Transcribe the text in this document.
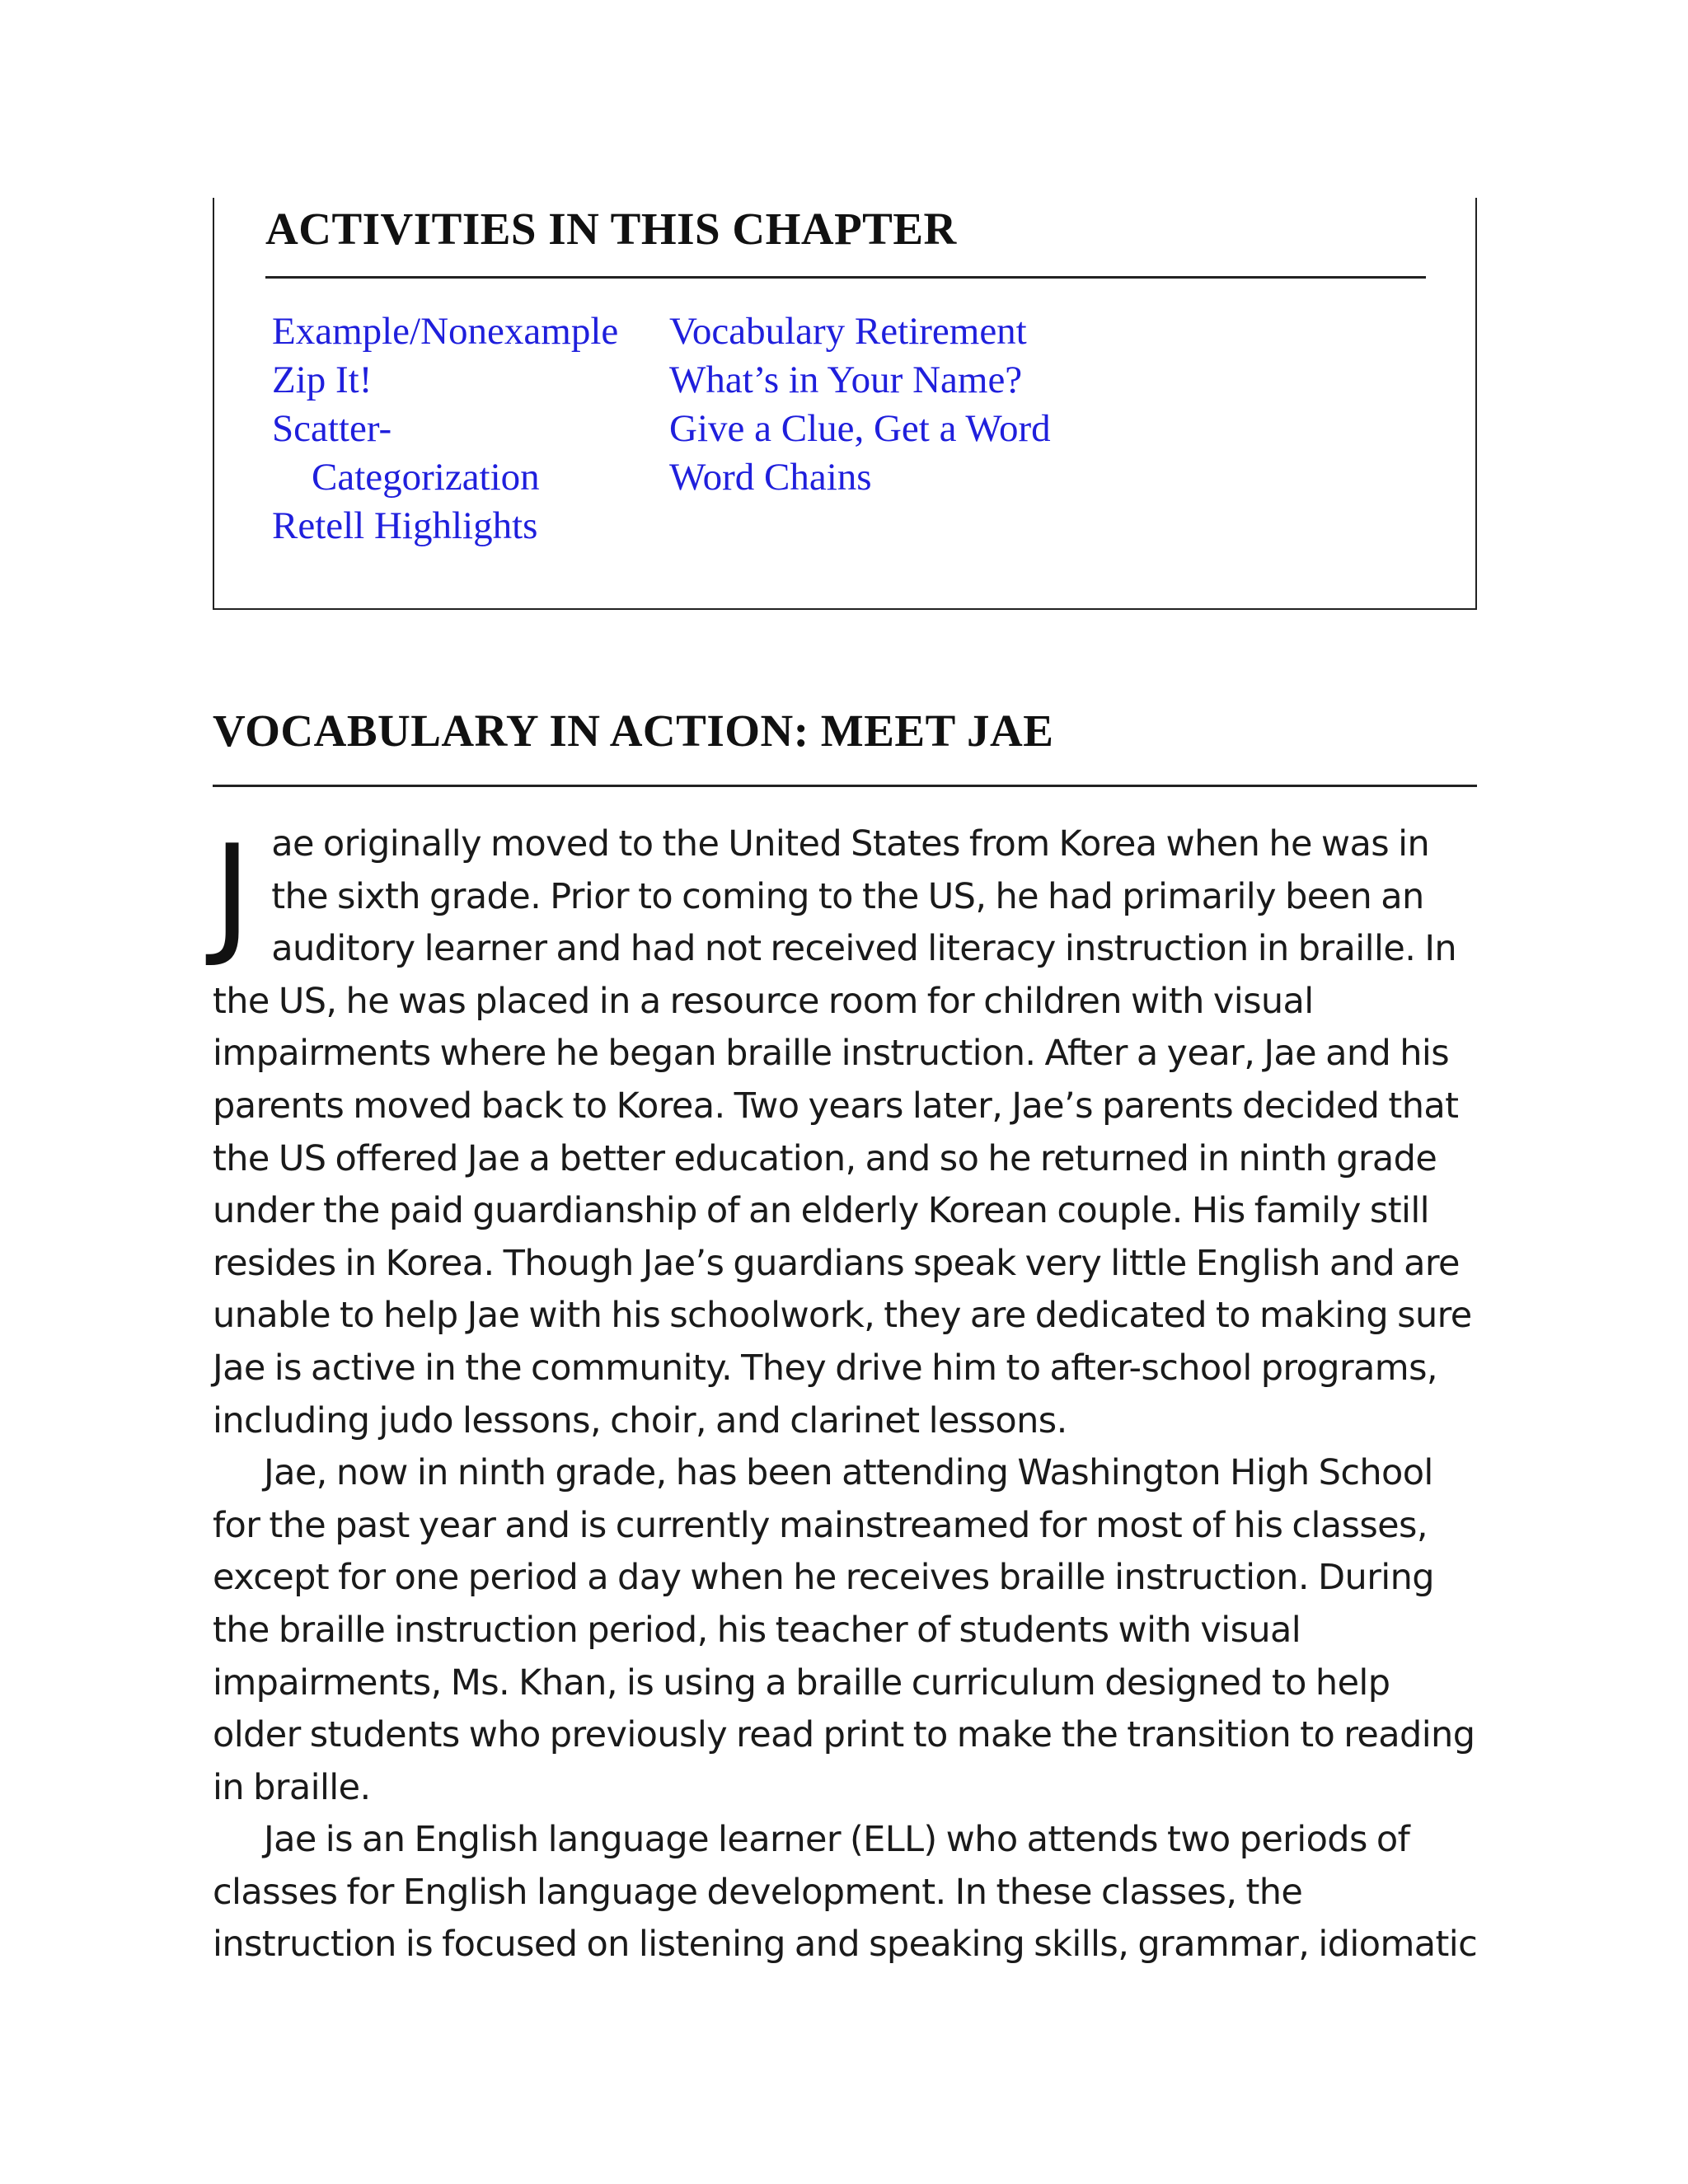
ACTIVITIES IN THIS CHAPTER
Example/Nonexample
Zip It!
Scatter-
Categorization
Retell Highlights
Vocabulary Retirement
What’s in Your Name?
Give a Clue, Get a Word
Word Chains
VOCABULARY IN ACTION: MEET JAE

Jae originally moved to the United States from Korea when he was in the sixth grade. Prior to coming to the US, he had primarily been an auditory learner and had not received literacy instruction in braille. In the US, he was placed in a resource room for children with visual impairments where he began braille instruction. After a year, Jae and his parents moved back to Korea. Two years later, Jae’s parents decided that the US offered Jae a better education, and so he returned in ninth grade under the paid guardianship of an elderly Korean couple. His family still resides in Korea. Though Jae’s guardians speak very little English and are unable to help Jae with his schoolwork, they are dedicated to making sure Jae is active in the community. They drive him to after-school programs, including judo lessons, choir, and clarinet lessons.

Jae, now in ninth grade, has been attending Washington High School for the past year and is currently mainstreamed for most of his classes, except for one period a day when he receives braille instruction. During the braille instruction period, his teacher of students with visual impairments, Ms. Khan, is using a braille curriculum designed to help older students who previously read print to make the transition to reading in braille.

Jae is an English language learner (ELL) who attends two periods of classes for English language development. In these classes, the instruction is focused on listening and speaking skills, grammar, idiomatic
